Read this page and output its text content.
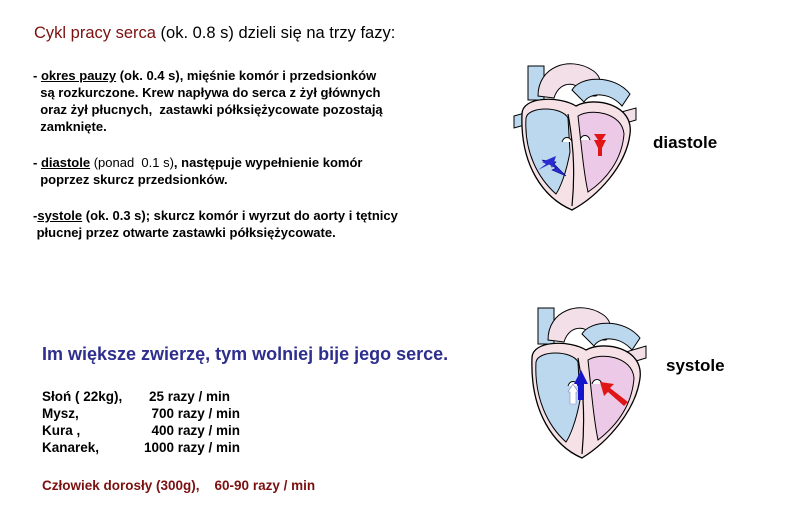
Cykl pracy serca (ok. 0.8 s) dzieli się na trzy fazy:
- okres pauzy (ok. 0.4 s), mięśnie komór i przedsionków
są rozkurczone. Krew napływa do serca z żył głównych
oraz żył płucnych,  zastawki półksiężycowate pozostają
zamknięte.
- diastole (ponad  0.1 s), następuje wypełnienie komór
poprzez skurcz przedsionków.
-systole (ok. 0.3 s); skurcz komór i wyrzut do aorty i tętnicy
płucnej przez otwarte zastawki półksiężycowate.
diastole
systole
Im większe zwierzę, tym wolniej bije jego serce.
Słoń ( 22kg), 25 razy / min
Mysz,	700 razy / min
Kura ,	400 razy / min
Kanarek,	1000 razy / min
Człowiek dorosły (300g),    60-90 razy / min
